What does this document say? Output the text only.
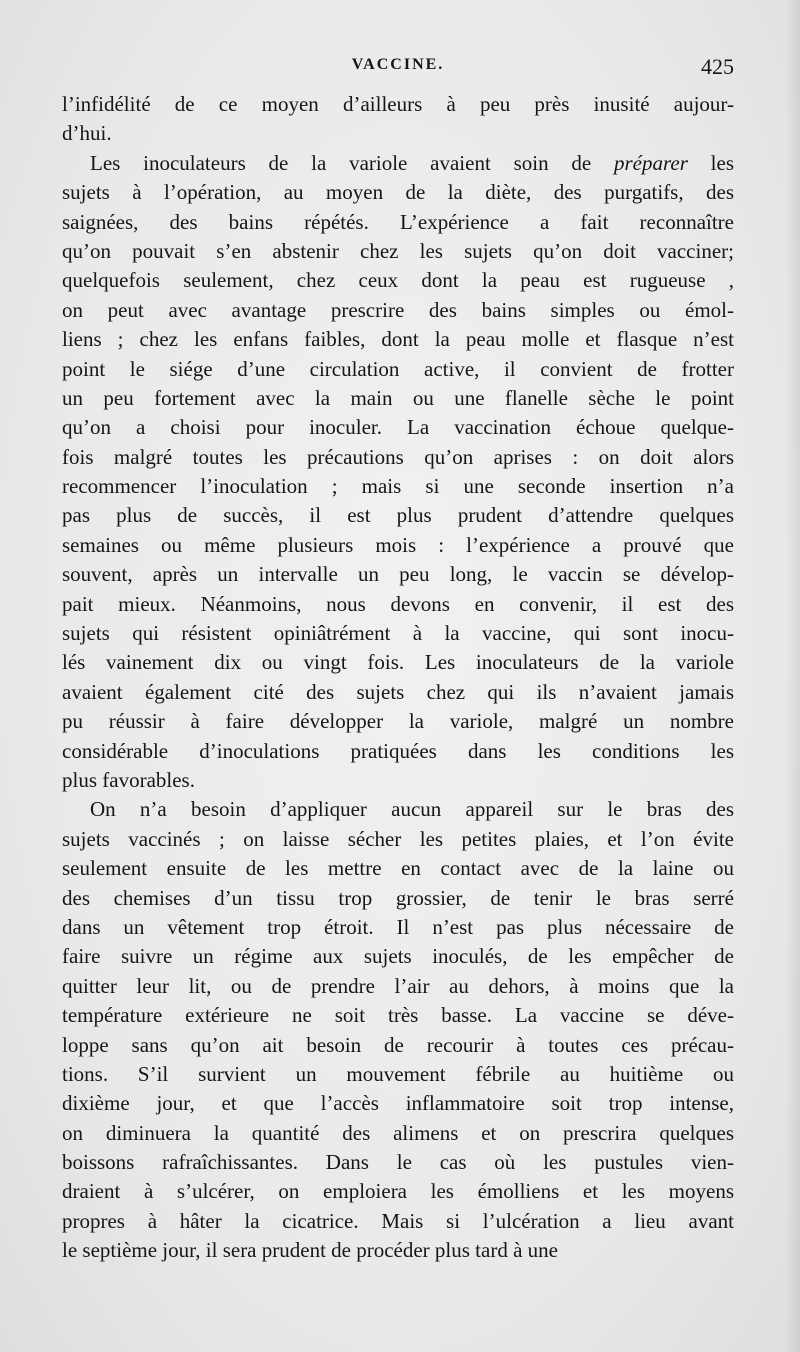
VACCINE.	425
l’infidélité de ce moyen d’ailleurs à peu près inusité aujour-
d’hui.
Les inoculateurs de la variole avaient soin de préparer les
sujets à l’opération, au moyen de la diète, des purgatifs, des
saignées, des bains répétés. L’expérience a fait reconnaître
qu’on pouvait s’en abstenir chez les sujets qu’on doit vacciner;
quelquefois seulement, chez ceux dont la peau est rugueuse ,
on peut avec avantage prescrire des bains simples ou émol-
liens ; chez les enfans faibles, dont la peau molle et flasque n’est
point le siége d’une circulation active, il convient de frotter
un peu fortement avec la main ou une flanelle sèche le point
qu’on a choisi pour inoculer. La vaccination échoue quelque-
fois malgré toutes les précautions qu’on aprises : on doit alors
recommencer l’inoculation ; mais si une seconde insertion n’a
pas plus de succès, il est plus prudent d’attendre quelques
semaines ou même plusieurs mois : l’expérience a prouvé que
souvent, après un intervalle un peu long, le vaccin se dévelop-
pait mieux. Néanmoins, nous devons en convenir, il est des
sujets qui résistent opiniâtrément à la vaccine, qui sont inocu-
lés vainement dix ou vingt fois. Les inoculateurs de la variole
avaient également cité des sujets chez qui ils n’avaient jamais
pu réussir à faire développer la variole, malgré un nombre
considérable d’inoculations pratiquées dans les conditions les
plus favorables.
On n’a besoin d’appliquer aucun appareil sur le bras des
sujets vaccinés ; on laisse sécher les petites plaies, et l’on évite
seulement ensuite de les mettre en contact avec de la laine ou
des chemises d’un tissu trop grossier, de tenir le bras serré
dans un vêtement trop étroit. Il n’est pas plus nécessaire de
faire suivre un régime aux sujets inoculés, de les empêcher de
quitter leur lit, ou de prendre l’air au dehors, à moins que la
température extérieure ne soit très basse. La vaccine se déve-
loppe sans qu’on ait besoin de recourir à toutes ces précau-
tions. S’il survient un mouvement fébrile au huitième ou
dixième jour, et que l’accès inflammatoire soit trop intense,
on diminuera la quantité des alimens et on prescrira quelques
boissons rafraîchissantes. Dans le cas où les pustules vien-
draient à s’ulcérer, on emploiera les émolliens et les moyens
propres à hâter la cicatrice. Mais si l’ulcération a lieu avant
le septième jour, il sera prudent de procéder plus tard à une
